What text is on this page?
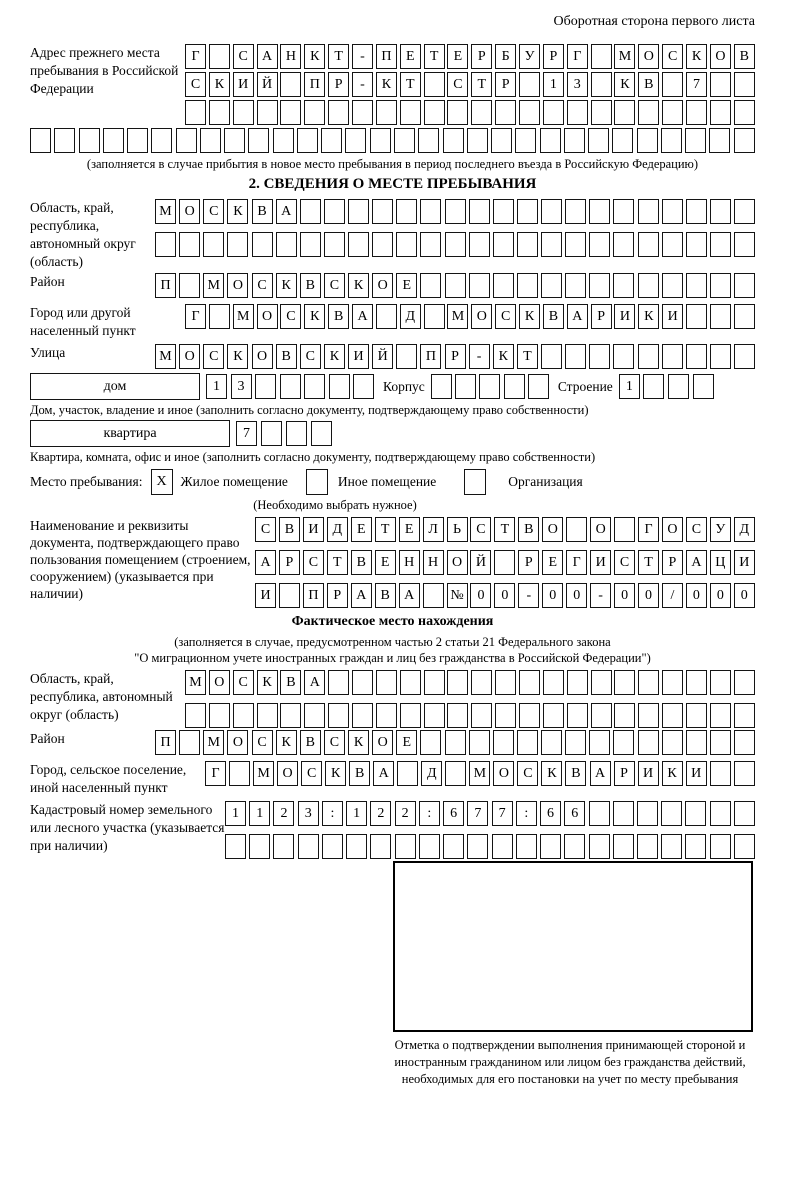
Оборотная сторона первого листа
Адрес прежнего места пребывания в Российской Федерации
Г	С	А Н	К	Т	-	П	Е	Т	Е	Р	Б	У	Р	Г	М О	С	К	О	В
С	К	И Й	П	Р	-	К	Т	С	Т	Р	1	3	К	В	7
(заполняется в случае прибытия в новое место пребывания в период последнего въезда в Российскую Федерацию)
2. СВЕДЕНИЯ О МЕСТЕ ПРЕБЫВАНИЯ
Область, край, республика, автономный округ (область)
М О	С	К	В	А
Район	П	М О	С	К	В	С	К	О	Е
Город или другой населенный пункт
Г	М О	С	К	В	А	Д	М О	С	К	В	А	Р	И	К	И
Улица	М О	С	К	О	В	С	К	И	Й	П	Р	-	К	Т
дом	1	3	Корпус	Строение 1
Дом, участок, владение и иное (заполнить согласно документу, подтверждающему право собственности)
квартира	7
Квартира, комната, офис и иное (заполнить согласно документу, подтверждающему право собственности)
Место пребывания: X	Жилое помещение	Иное помещение	Организация
(Необходимо выбрать нужное)
Наименование и реквизиты документа, подтверждающего право пользования помещением (строением, сооружением) (указывается при наличии)
С	В	И	Д	Е	Т	Е	Л	Ь	С	Т	В	О	О	Г	О	С	У	Д
А	Р	С	Т	В	Е	Н Н О Й	Р	Е	Г	И	С	Т	Р	А Ц И
И	П	Р	А	В	А	№ 0	0	-	0	0	-	0	0	/	0	0	0
Фактическое место нахождения
(заполняется в случае, предусмотренном частью 2 статьи 21 Федерального закона
"О миграционном учете иностранных граждан и лиц без гражданства в Российской Федерации")
Область, край, республика, автономный округ (область)
М О	С	К	В	А
Район	П	М О	С	К	В	С	К	О	Е
Город, сельское поселение, иной населенный пункт
Г	М О	С	К	В	А	Д	М О	С	К	В	А	Р	И	К	И
Кадастровый номер земельного или лесного участка (указывается при наличии)
1	1	2	3	:	1	2	2	:	6	7	7	:	6	6
Отметка о подтверждении выполнения принимающей стороной и иностранным гражданином или лицом без гражданства действий, необходимых для его постановки на учет по месту пребывания
